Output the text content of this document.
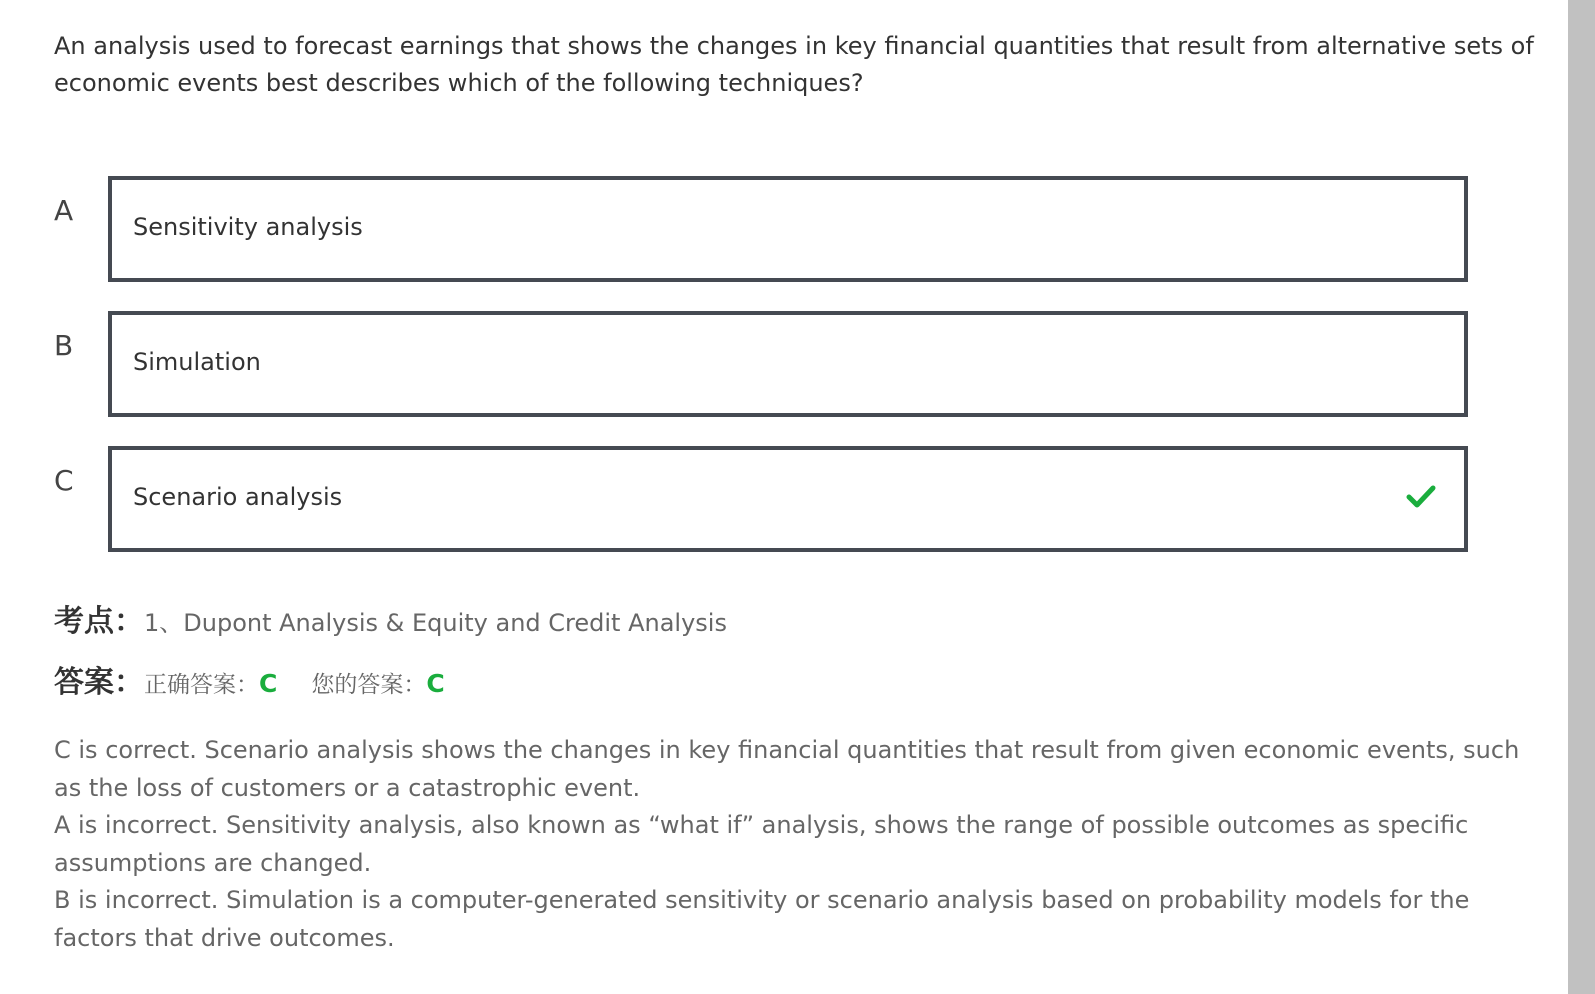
An analysis used to forecast earnings that shows the changes in key financial quantities that result from alternative sets of economic events best describes which of the following techniques?

A Sensitivity analysis
B Simulation
C Scenario analysis
考点：1、Dupont Analysis & Equity and Credit Analysis
答案：正确答案：C 您的答案：C

C is correct. Scenario analysis shows the changes in key financial quantities that result from given economic events, such as the loss of customers or a catastrophic event.

A is incorrect. Sensitivity analysis, also known as “what if” analysis, shows the range of possible outcomes as specific assumptions are changed.

B is incorrect. Simulation is a computer-generated sensitivity or scenario analysis based on probability models for the factors that drive outcomes.
